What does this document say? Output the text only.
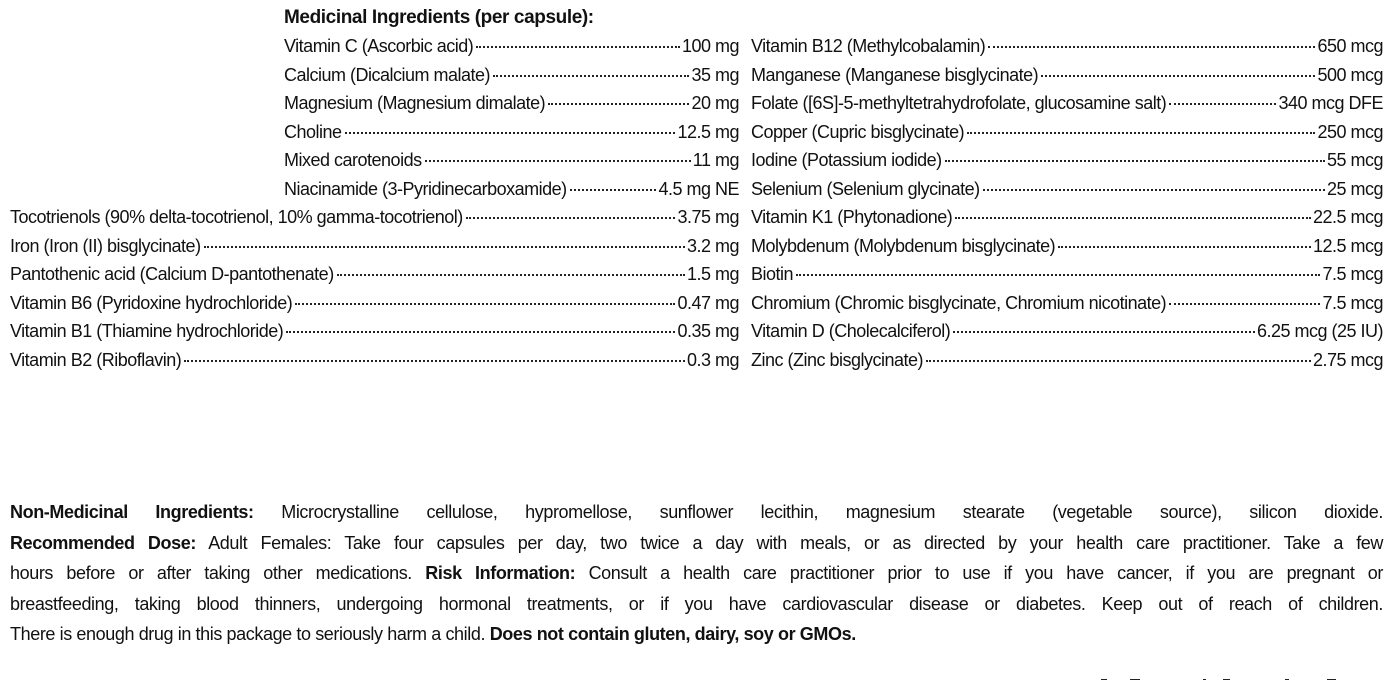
Medicinal Ingredients (per capsule):
Vitamin C (Ascorbic acid)	100 mg
Calcium (Dicalcium malate)	35 mg
Magnesium (Magnesium dimalate)	20 mg
Choline	12.5 mg
Mixed carotenoids	11 mg
Niacinamide (3-Pyridinecarboxamide)	4.5 mg NE
Tocotrienols (90% delta-tocotrienol, 10% gamma-tocotrienol)	3.75 mg
Iron (Iron (II) bisglycinate)	3.2 mg
Pantothenic acid (Calcium D-pantothenate)	1.5 mg
Vitamin B6 (Pyridoxine hydrochloride)	0.47 mg
Vitamin B1 (Thiamine hydrochloride)	0.35 mg
Vitamin B2 (Riboflavin)	0.3 mg
Vitamin B12 (Methylcobalamin)	650 mcg
Manganese (Manganese bisglycinate)	500 mcg
Folate ([6S]-5-methyltetrahydrofolate, glucosamine salt)	340 mcg DFE
Copper (Cupric bisglycinate)	250 mcg
Iodine (Potassium iodide)	55 mcg
Selenium (Selenium glycinate)	25 mcg
Vitamin K1 (Phytonadione)	22.5 mcg
Molybdenum (Molybdenum bisglycinate)	12.5 mcg
Biotin	7.5 mcg
Chromium (Chromic bisglycinate, Chromium nicotinate)	7.5 mcg
Vitamin D (Cholecalciferol)	6.25 mcg (25 IU)
Zinc (Zinc bisglycinate)	2.75 mcg
Non-Medicinal Ingredients: Microcrystalline cellulose, hypromellose, sunflower lecithin, magnesium stearate (vegetable source), silicon dioxide.
Recommended Dose: Adult Females: Take four capsules per day, two twice a day with meals, or as directed by your health care practitioner. Take a few
hours before or after taking other medications. Risk Information: Consult a health care practitioner prior to use if you have cancer, if you are pregnant or
breastfeeding, taking blood thinners, undergoing hormonal treatments, or if you have cardiovascular disease or diabetes. Keep out of reach of children.
There is enough drug in this package to seriously harm a child. Does not contain gluten, dairy, soy or GMOs.
